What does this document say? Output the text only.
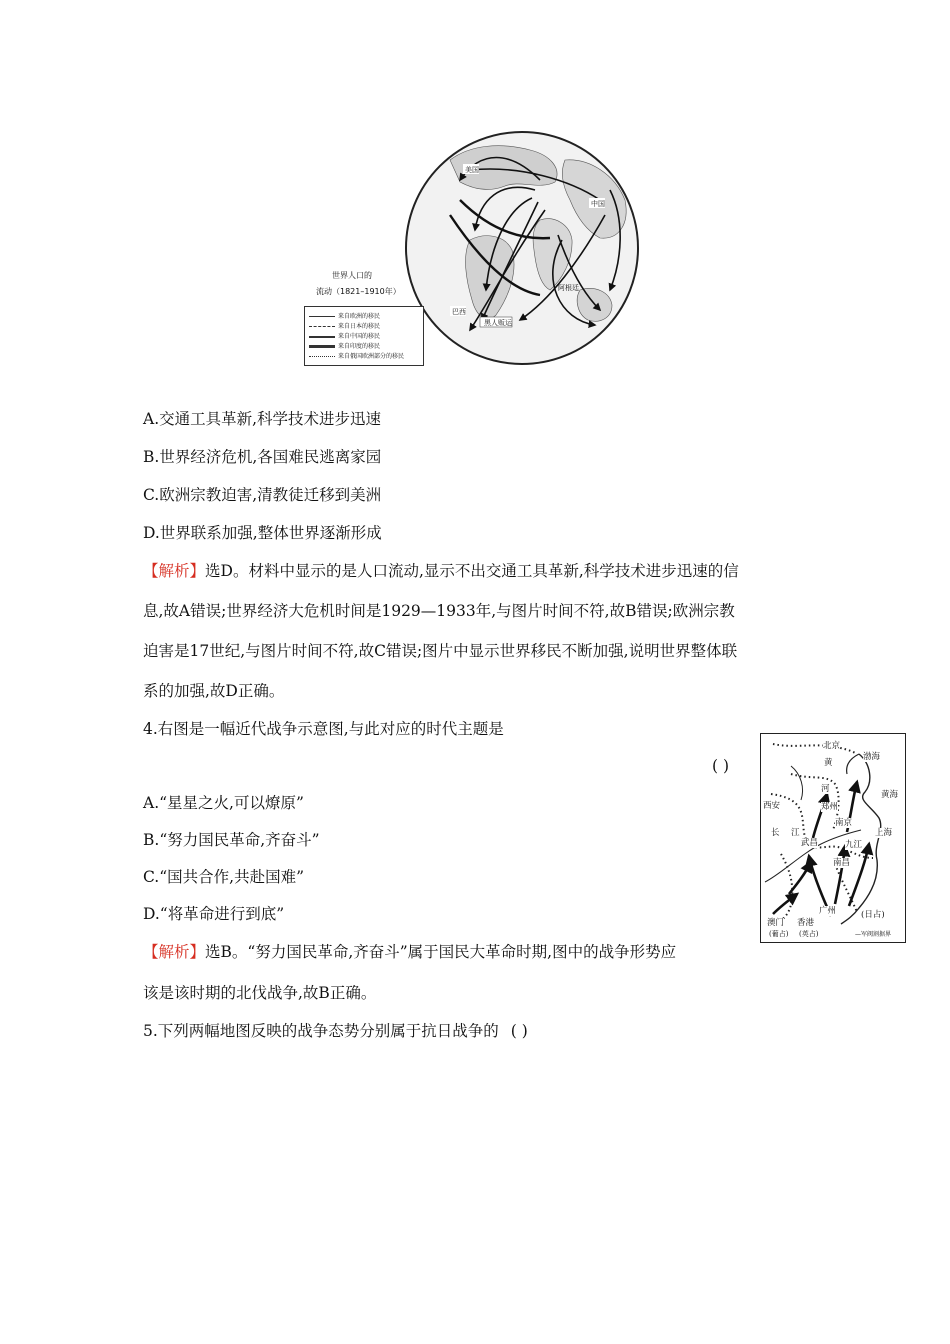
美国
中国
巴西
黑人贩运
阿根廷
世界人口的
流动（1821–1910年）
来自欧洲的移民
来自日本的移民
来自中国的移民
来自印度的移民
来自俄国欧洲部分的移民
A.交通工具革新,科学技术进步迅速
B.世界经济危机,各国难民逃离家园
C.欧洲宗教迫害,清教徒迁移到美洲
D.世界联系加强,整体世界逐渐形成
【解析】选D。材料中显示的是人口流动,显示不出交通工具革新,科学技术进步迅速的信
息,故A错误;世界经济大危机时间是1929—1933年,与图片时间不符,故B错误;欧洲宗教
迫害是17世纪,与图片时间不符,故C错误;图片中显示世界移民不断加强,说明世界整体联
系的加强,故D正确。
4.右图是一幅近代战争示意图,与此对应的时代主题是
( )
A.“星星之火,可以燎原”
B.“努力国民革命,齐奋斗”
C.“国共合作,共赴国难”
D.“将革命进行到底”
【解析】选B。“努力国民革命,齐奋斗”属于国民大革命时期,图中的战争形势应
该是该时期的北伐战争,故B正确。
北京
渤海
黄
黄海
河
西安	郑州
南京
上海
长 江
武昌	九江
南昌
广州	(日占)
澳门 香港
(葡占) (英占)	—军阀割据界
5.下列两幅地图反映的战争态势分别属于抗日战争的 ( )
